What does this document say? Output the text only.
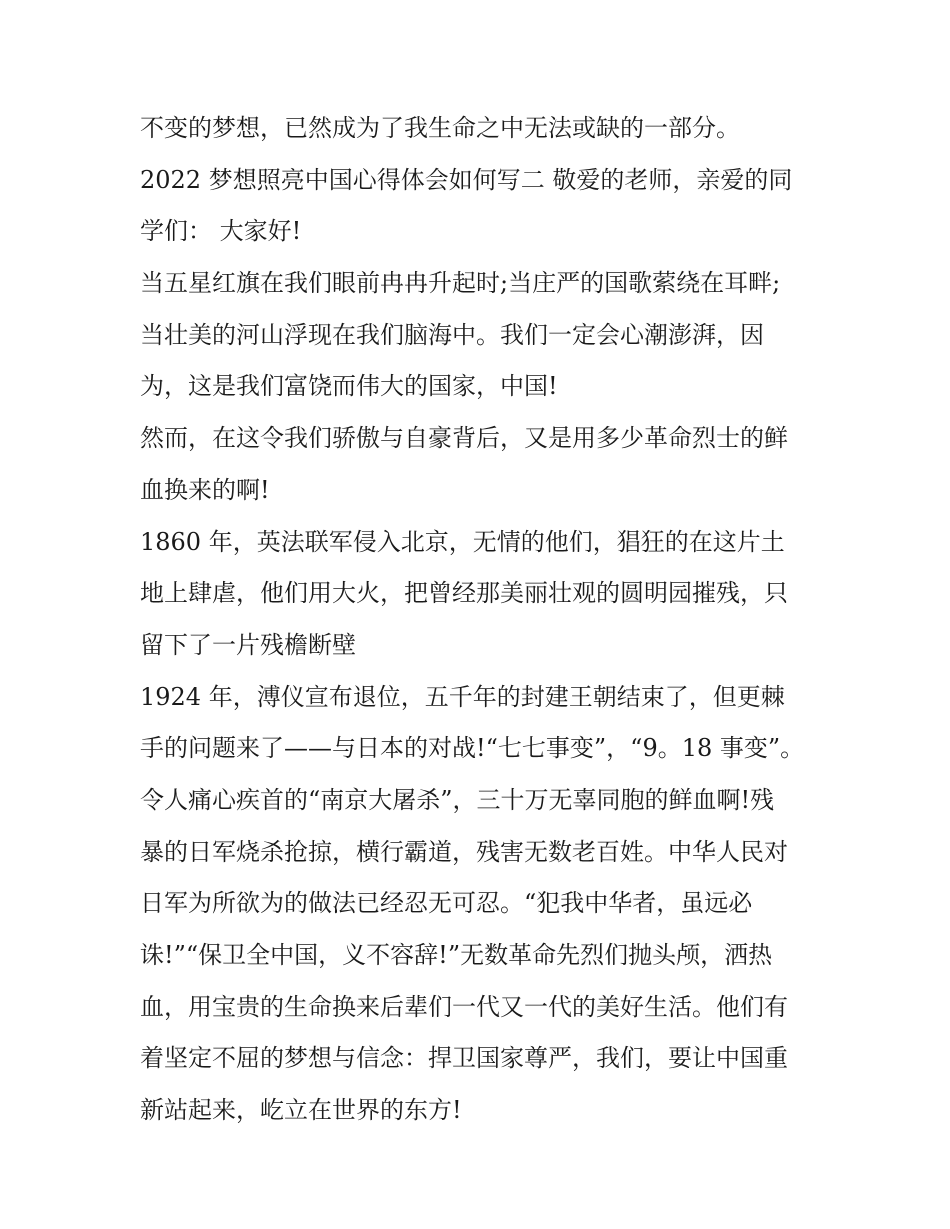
不变的梦想，已然成为了我生命之中无法或缺的一部分。
2022 梦想照亮中国心得体会如何写二 敬爱的老师，亲爱的同
学们： 大家好!
当五星红旗在我们眼前冉冉升起时;当庄严的国歌萦绕在耳畔;
当壮美的河山浮现在我们脑海中。我们一定会心潮澎湃，因
为，这是我们富饶而伟大的国家，中国!
然而，在这令我们骄傲与自豪背后，又是用多少革命烈士的鲜
血换来的啊!
1860 年，英法联军侵入北京，无情的他们，猖狂的在这片土
地上肆虐，他们用大火，把曾经那美丽壮观的圆明园摧残，只
留下了一片残檐断壁
1924 年，溥仪宣布退位，五千年的封建王朝结束了，但更棘
手的问题来了——与日本的对战!“七七事变”，“9。18 事变”。
令人痛心疾首的“南京大屠杀”，三十万无辜同胞的鲜血啊!残
暴的日军烧杀抢掠，横行霸道，残害无数老百姓。中华人民对
日军为所欲为的做法已经忍无可忍。“犯我中华者，虽远必
诛!”“保卫全中国，义不容辞!”无数革命先烈们抛头颅，洒热
血，用宝贵的生命换来后辈们一代又一代的美好生活。他们有
着坚定不屈的梦想与信念：捍卫国家尊严，我们，要让中国重
新站起来，屹立在世界的东方!
